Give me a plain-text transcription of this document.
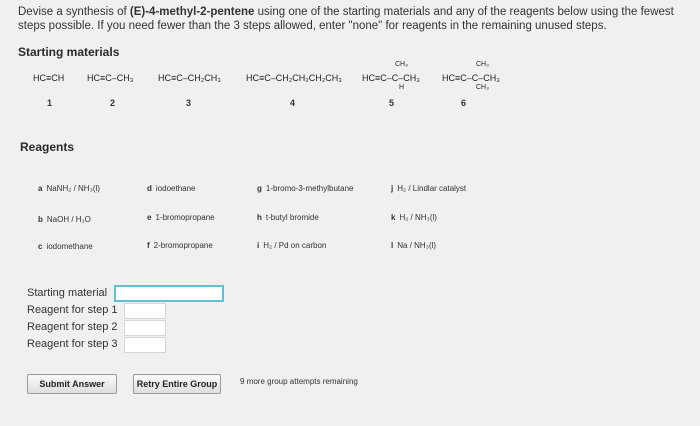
Devise a synthesis of (E)-4-methyl-2-pentene using one of the starting materials and any of the reagents below using the fewest steps possible. If you need fewer than the 3 steps allowed, enter "none" for reagents in the remaining unused steps.
Starting materials
HC≡CH
1
HC≡C–CH₃
2
HC≡C–CH₂CH₃
3
HC≡C–CH₂CH₂CH₂CH₃
4
CH₃
HC≡C–C–CH₃
H
5
CH₃
HC≡C–C–CH₃
CH₃
6
Reagents
a NaNH₂ / NH₃(l)
b NaOH / H₂O
c iodomethane
d iodoethane
e 1-bromopropane
f 2-bromopropane
g 1-bromo-3-methylbutane
h t-butyl bromide
i H₂ / Pd on carbon
j H₂ / Lindlar catalyst
k H₂ / NH₃(l)
l Na / NH₃(l)
Starting material
Reagent for step 1
Reagent for step 2
Reagent for step 3
Submit Answer	Retry Entire Group	9 more group attempts remaining
